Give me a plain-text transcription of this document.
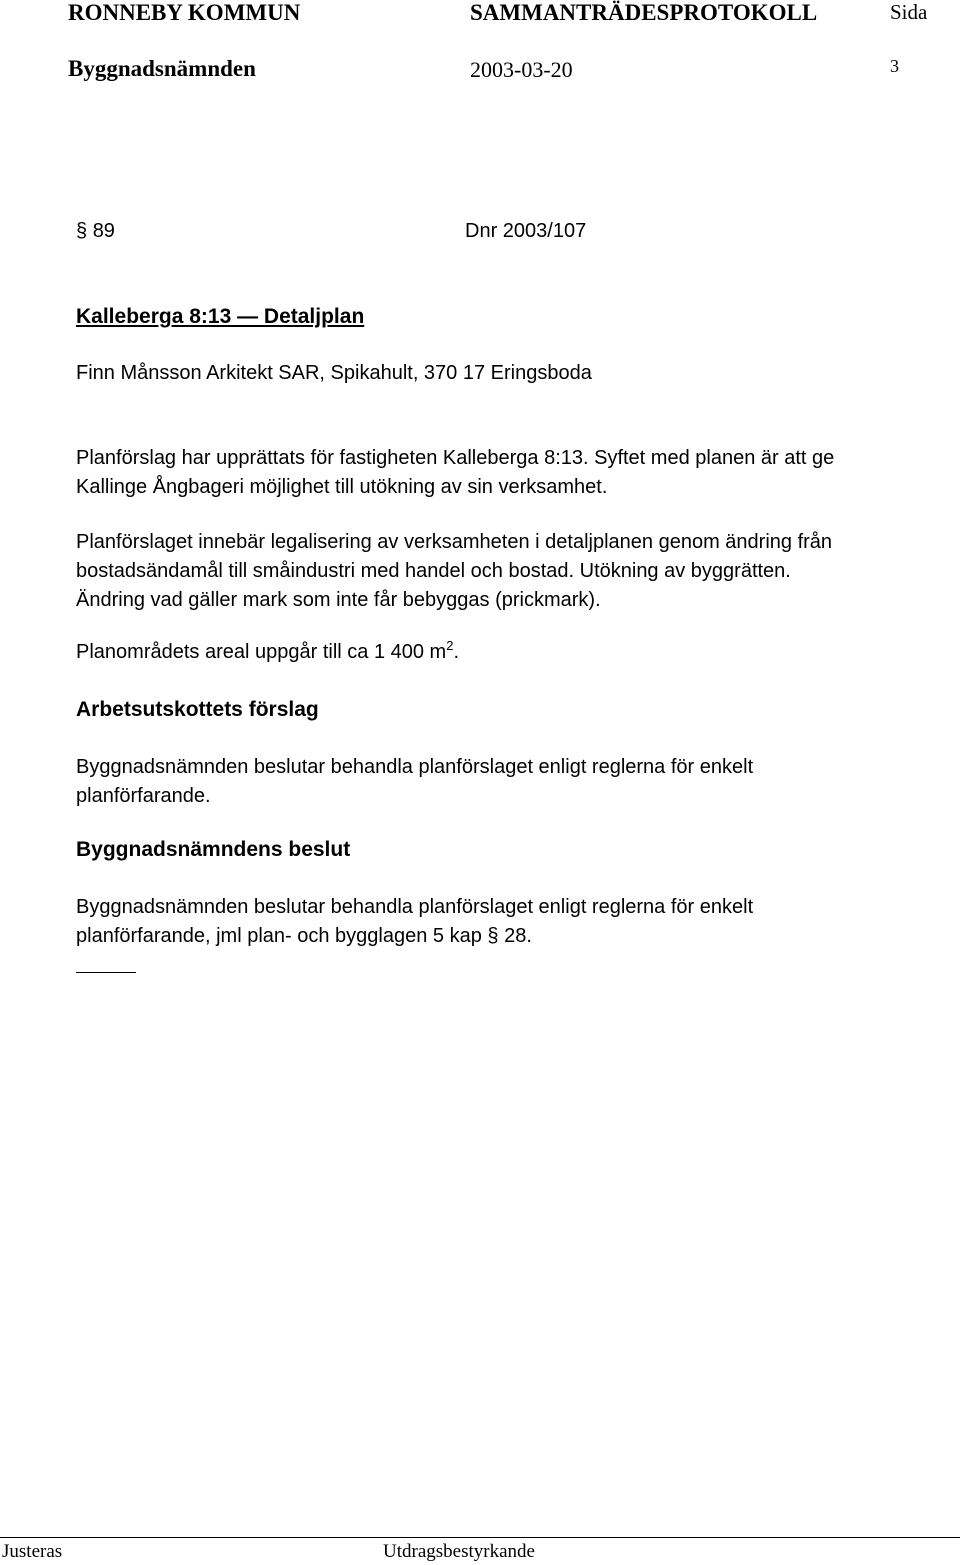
RONNEBY KOMMUN	SAMMANTRÄDESPROTOKOLL	Sida
Byggnadsnämnden	2003-03-20	3
§ 89	Dnr 2003/107
Kalleberga 8:13 — Detaljplan
Finn Månsson Arkitekt SAR, Spikahult, 370 17 Eringsboda
Planförslag har upprättats för fastigheten Kalleberga 8:13. Syftet med planen är att ge
Kallinge Ångbageri möjlighet till utökning av sin verksamhet.
Planförslaget innebär legalisering av verksamheten i detaljplanen genom ändring från
bostadsändamål till småindustri med handel och bostad. Utökning av byggrätten.
Ändring vad gäller mark som inte får bebyggas (prickmark).
Planområdets areal uppgår till ca 1 400 $m^2$.
Arbetsutskottets förslag
Byggnadsnämnden beslutar behandla planförslaget enligt reglerna för enkelt
planförfarande.
Byggnadsnämndens beslut
Byggnadsnämnden beslutar behandla planförslaget enligt reglerna för enkelt
planförfarande, jml plan- och bygglagen 5 kap § 28.
Justeras	Utdragsbestyrkande
